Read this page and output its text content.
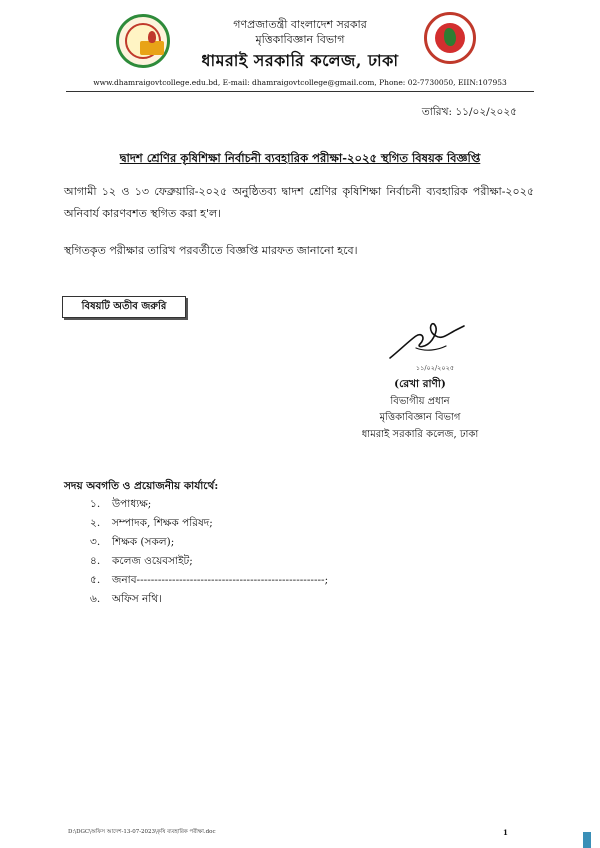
গণপ্রজাতন্ত্রী বাংলাদেশ সরকার
মৃত্তিকাবিজ্ঞান বিভাগ
ধামরাই সরকারি কলেজ, ঢাকা
www.dhamraigovtcollege.edu.bd, E-mail: dhamraigovtcollege@gmail.com, Phone: 02-7730050, EIIN:107953
তারিখ: ১১/০২/২০২৫
দ্বাদশ শ্রেণির কৃষিশিক্ষা নির্বাচনী ব্যবহারিক পরীক্ষা-২০২৫ স্থগিত বিষয়ক বিজ্ঞপ্তি
আগামী ১২ ও ১৩ ফেব্রুয়ারি-২০২৫ অনুষ্ঠিতব্য দ্বাদশ শ্রেণির কৃষিশিক্ষা নির্বাচনী ব্যবহারিক পরীক্ষা-২০২৫ অনিবার্য কারণবশত স্থগিত করা হ'ল।
স্থগিতকৃত পরীক্ষার তারিখ পরবর্তীতে বিজ্ঞপ্তি মারফত জানানো হবে।
বিষয়টি অতীব জরুরি
১১/০২/২০২৫
(রেখা রাণী)
বিভাগীয় প্রধান
মৃত্তিকাবিজ্ঞান বিভাগ
ধামরাই সরকারি কলেজ, ঢাকা
সদয় অবগতি ও প্রয়োজনীয় কার্যার্থে:
১. উপাধ্যক্ষ;
২. সম্পাদক, শিক্ষক পরিষদ;
৩. শিক্ষক (সকল);
৪. কলেজ ওয়েবসাইট;
৫. জনাব-----------------------------------------------------;
৬. অফিস নথি।
D:\DGC\অফিস আদেশ-13-07-2023\কৃষি ব্যবহারিক পরীক্ষা.doc	1
